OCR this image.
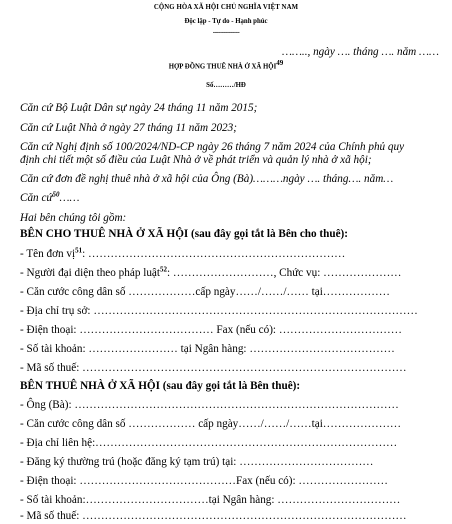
CỘNG HÒA XÃ HỘI CHỦ NGHĨA VIỆT NAM
Độc lập - Tự do - Hạnh phúc
---------------
…….., ngày …. tháng …. năm ……
HỢP ĐỒNG THUÊ NHÀ Ở XÃ HỘI$^{49}$
Số………/HĐ
Căn cứ Bộ Luật Dân sự ngày 24 tháng 11 năm 2015;
Căn cứ Luật Nhà ở ngày 27 tháng 11 năm 2023;
Căn cứ Nghị định số 100/2024/ND-CP ngày 26 tháng 7 năm 2024 của Chính phủ quy
định chi tiết một số điều của Luật Nhà ở về phát triển và quản lý nhà ở xã hội;
Căn cứ đơn đề nghị thuê nhà ở xã hội của Ông (Bà)………ngày …. tháng…. năm…
Căn cứ$^{50}$……
Hai bên chúng tôi gồm:
BÊN CHO THUÊ NHÀ Ở XÃ HỘI (sau đây gọi tắt là Bên cho thuê):
- Tên đơn vị$^{51}$: ……………………………………………………………
- Người đại diện theo pháp luật$^{52}$: ………………………, Chức vụ: …………………
- Căn cước công dân số ………………cấp ngày……/……/…… tại………………
- Địa chỉ trụ sở: ……………………………………………………………………………
- Điện thoại: ……………………………… Fax (nếu có): ……………………………
- Số tài khoản: …………………… tại Ngân hàng: …………………………………
- Mã số thuế: ……………………………………………………………………………
BÊN THUÊ NHÀ Ở XÃ HỘI (sau đây gọi tắt là Bên thuê):
- Ông (Bà): ……………………………………………………………………………
- Căn cước công dân số ……………… cấp ngày……/……/……tại…………………
- Địa chỉ liên hệ:………………………………………………………………………
- Đăng ký thường trú (hoặc đăng ký tạm trú) tại: ………………………………
- Điện thoại: ……………………………………Fax (nếu có): ……………………
- Số tài khoản:……………………………tại Ngân hàng: ……………………………
- Mã số thuế: ……………………………………………………………………………
